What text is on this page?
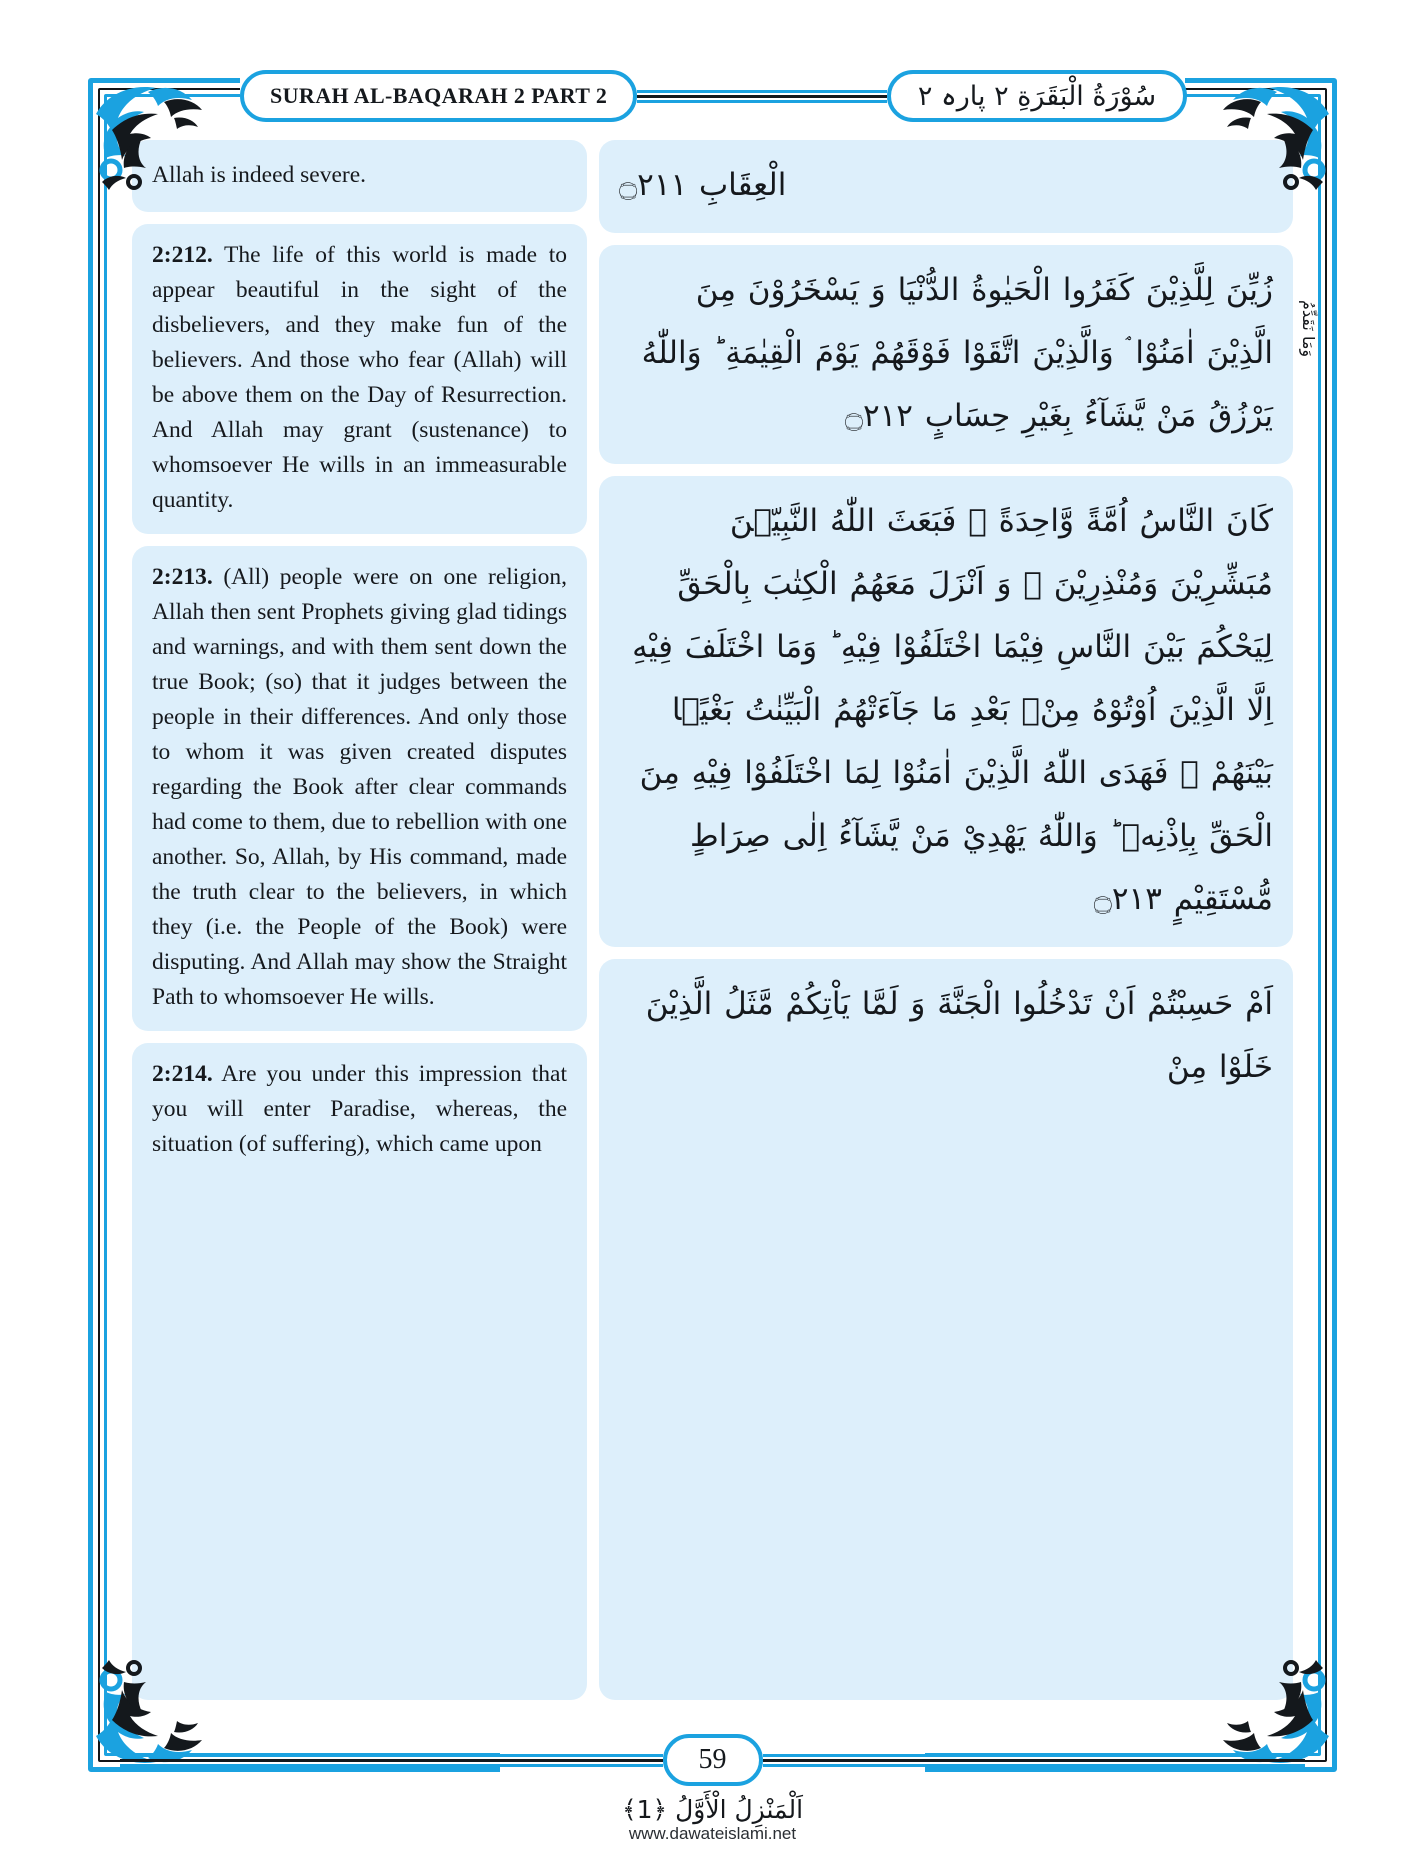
SURAH AL-BAQARAH 2 PART 2	سُوْرَةُ الْبَقَرَةِ ٢ پارہ ٢
وَمَا نَقَدِّمُ
Allah is indeed severe.
2:212. The life of this world is made to appear beautiful in the sight of the disbelievers, and they make fun of the believers. And those who fear (Allah) will be above them on the Day of Resurrection. And Allah may grant (sustenance) to whomsoever He wills in an immeasurable quantity.
2:213. (All) people were on one religion, Allah then sent Prophets giving glad tidings and warnings, and with them sent down the true Book; (so) that it judges between the people in their differences. And only those to whom it was given created disputes regarding the Book after clear commands had come to them, due to rebellion with one another. So, Allah, by His command, made the truth clear to the believers, in which they (i.e. the People of the Book) were disputing. And Allah may show the Straight Path to whomsoever He wills.
2:214. Are you under this impression that you will enter Paradise, whereas, the situation (of suffering), which came upon
الْعِقَابِ ۝٢١١
زُيِّنَ لِلَّذِيْنَ كَفَرُوا الْحَيٰوةُ الدُّنْيَا وَ يَسْخَرُوْنَ مِنَ الَّذِيْنَ اٰمَنُوْا ۘ وَالَّذِيْنَ اتَّقَوْا فَوْقَهُمْ يَوْمَ الْقِيٰمَةِ ؕ وَاللّٰهُ يَرْزُقُ مَنْ يَّشَآءُ بِغَيْرِ حِسَابٍ ۝٢١٢
كَانَ النَّاسُ اُمَّةً وَّاحِدَةً ۫ فَبَعَثَ اللّٰهُ النَّبِيّٖنَ مُبَشِّرِيْنَ وَمُنْذِرِيْنَ ۪ وَ اَنْزَلَ مَعَهُمُ الْكِتٰبَ بِالْحَقِّ لِيَحْكُمَ بَيْنَ النَّاسِ فِيْمَا اخْتَلَفُوْا فِيْهِ ؕ وَمَا اخْتَلَفَ فِيْهِ اِلَّا الَّذِيْنَ اُوْتُوْهُ مِنْۢ بَعْدِ مَا جَآءَتْهُمُ الْبَيِّنٰتُ بَغْيًۢا بَيْنَهُمْ ۚ فَهَدَى اللّٰهُ الَّذِيْنَ اٰمَنُوْا لِمَا اخْتَلَفُوْا فِيْهِ مِنَ الْحَقِّ بِاِذْنِهٖ ؕ وَاللّٰهُ يَهْدِيْ مَنْ يَّشَآءُ اِلٰى صِرَاطٍ مُّسْتَقِيْمٍ ۝٢١٣
اَمْ حَسِبْتُمْ اَنْ تَدْخُلُوا الْجَنَّةَ وَ لَمَّا يَاْتِكُمْ مَّثَلُ الَّذِيْنَ خَلَوْا مِنْ
59
اَلْمَنْزِلُ الْأَوَّلُ ﴿1﴾
www.dawateislami.net
